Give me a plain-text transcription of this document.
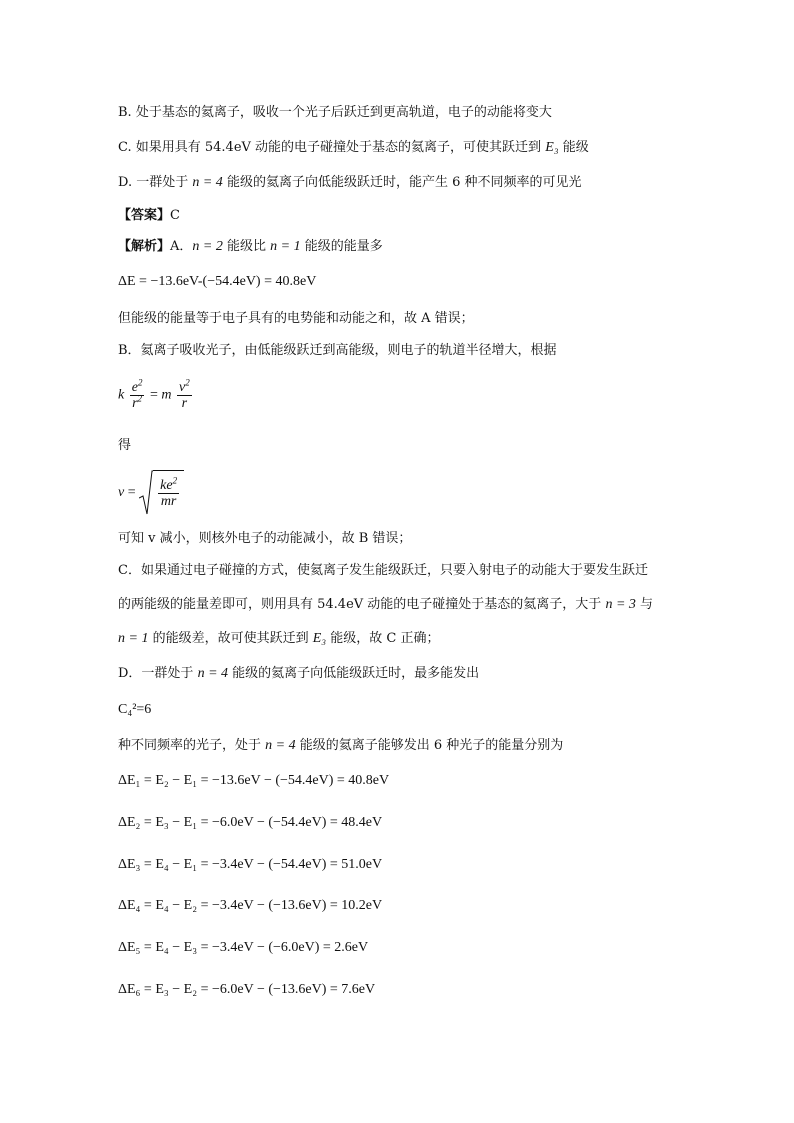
B. 处于基态的氦离子，吸收一个光子后跃迁到更高轨道，电子的动能将变大
C. 如果用具有 54.4eV 动能的电子碰撞处于基态的氦离子，可使其跃迁到 E₃ 能级
D. 一群处于 n = 4 能级的氦离子向低能级跃迁时，能产生 6 种不同频率的可见光
【答案】C
【解析】A．n = 2 能级比 n = 1 能级的能量多
ΔE = −13.6eV-(−54.4eV) = 40.8eV
但能级的能量等于电子具有的电势能和动能之和，故 A 错误；
B．氦离子吸收光子，由低能级跃迁到高能级，则电子的轨道半径增大，根据
k $\frac{e^2}{r^2} = m \frac{v^2}{r}$
得
$v = \frac{ke^2}{mr}$
可知 v 减小，则核外电子的动能减小，故 B 错误；
C．如果通过电子碰撞的方式，使氦离子发生能级跃迁，只要入射电子的动能大于要发生跃迁
的两能级的能量差即可，则用具有 54.4eV 动能的电子碰撞处于基态的氦离子，大于 n = 3 与
n = 1 的能级差，故可使其跃迁到 E₃ 能级，故 C 正确；
D．一群处于 n = 4 能级的氦离子向低能级跃迁时，最多能发出
C₄²=6
种不同频率的光子，处于 n = 4 能级的氦离子能够发出 6 种光子的能量分别为
ΔE₁ = E₂ − E₁ = −13.6eV − (−54.4eV) = 40.8eV
ΔE₂ = E₃ − E₁ = −6.0eV − (−54.4eV) = 48.4eV
ΔE₃ = E₄ − E₁ = −3.4eV − (−54.4eV) = 51.0eV
ΔE₄ = E₄ − E₂ = −3.4eV − (−13.6eV) = 10.2eV
ΔE₅ = E₄ − E₃ = −3.4eV − (−6.0eV) = 2.6eV
ΔE₆ = E₃ − E₂ = −6.0eV − (−13.6eV) = 7.6eV
